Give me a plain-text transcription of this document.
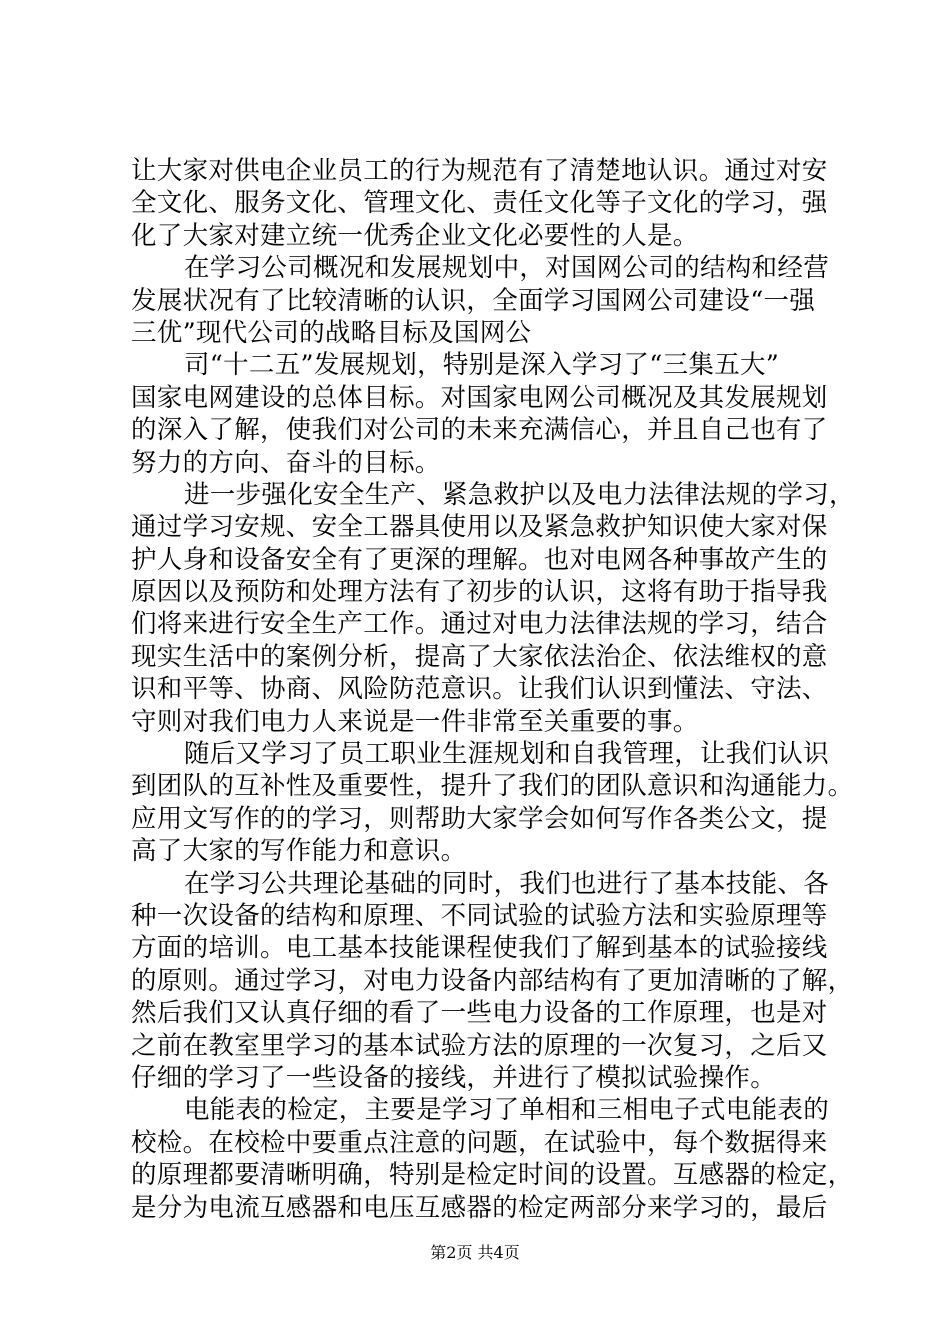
让大家对供电企业员工的行为规范有了清楚地认识。通过对安
全文化、服务文化、管理文化、责任文化等子文化的学习，强
化了大家对建立统一优秀企业文化必要性的人是。
在学习公司概况和发展规划中，对国网公司的结构和经营
发展状况有了比较清晰的认识，全面学习国网公司建设“一强
三优”现代公司的战略目标及国网公
司“十二五”发展规划，特别是深入学习了“三集五大”
国家电网建设的总体目标。对国家电网公司概况及其发展规划
的深入了解，使我们对公司的未来充满信心，并且自己也有了
努力的方向、奋斗的目标。
进一步强化安全生产、紧急救护以及电力法律法规的学习，
通过学习安规、安全工器具使用以及紧急救护知识使大家对保
护人身和设备安全有了更深的理解。也对电网各种事故产生的
原因以及预防和处理方法有了初步的认识，这将有助于指导我
们将来进行安全生产工作。通过对电力法律法规的学习，结合
现实生活中的案例分析，提高了大家依法治企、依法维权的意
识和平等、协商、风险防范意识。让我们认识到懂法、守法、
守则对我们电力人来说是一件非常至关重要的事。
随后又学习了员工职业生涯规划和自我管理，让我们认识
到团队的互补性及重要性，提升了我们的团队意识和沟通能力。
应用文写作的的学习，则帮助大家学会如何写作各类公文，提
高了大家的写作能力和意识。
在学习公共理论基础的同时，我们也进行了基本技能、各
种一次设备的结构和原理、不同试验的试验方法和实验原理等
方面的培训。电工基本技能课程使我们了解到基本的试验接线
的原则。通过学习，对电力设备内部结构有了更加清晰的了解，
然后我们又认真仔细的看了一些电力设备的工作原理，也是对
之前在教室里学习的基本试验方法的原理的一次复习，之后又
仔细的学习了一些设备的接线，并进行了模拟试验操作。
电能表的检定，主要是学习了单相和三相电子式电能表的
校检。在校检中要重点注意的问题，在试验中，每个数据得来
的原理都要清晰明确，特别是检定时间的设置。互感器的检定，
是分为电流互感器和电压互感器的检定两部分来学习的，最后
第2页 共4页
